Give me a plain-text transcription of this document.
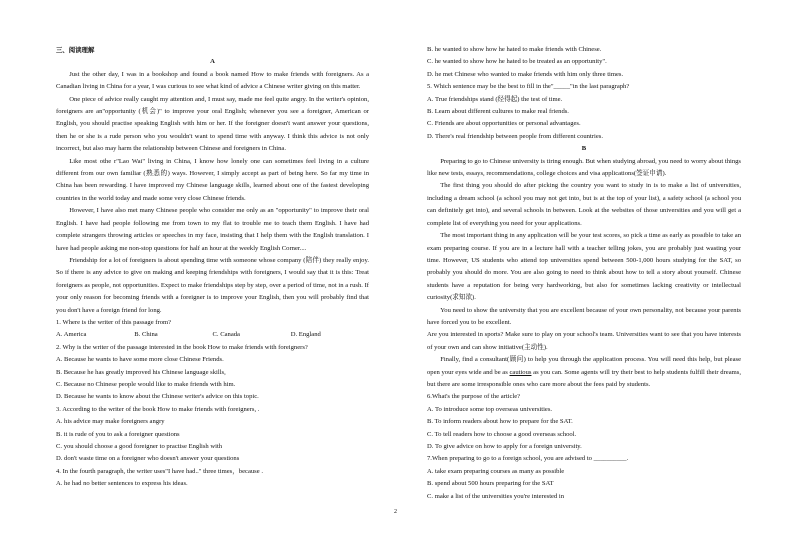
三、阅读理解

A

Just the other day, I was in a bookshop and found a book named How to make friends with foreigners. As a Canadian living in China for a year, I was curious to see what kind of advice a Chinese writer giving on this matter.

One piece of advice really caught my attention and, I must say, made me feel quite angry. In the writer's opinion, foreigners are an"opportunity (机会)" to improve your oral English; whenever you see a foreigner, American or English, you should practise speaking English with him or her. If the foreigner doesn't want answer your questions, then he or she is a rude person who you wouldn't want to spend time with anyway. I think this advice is not only incorrect, but also may harm the relationship between Chinese and foreigners in China.

Like most othe r"Lao Wai" living in China, I know how lonely one can sometimes feel living in a culture different from our own familiar (熟悉的) ways. However, I simply accept as part of being here. So far my time in China has been rewarding. I have improved my Chinese language skills, learned about one of the fastest developing countries in the world today and made some very close Chinese friends.

However, I have also met many Chinese people who consider me only as an "opportunity" to improve their oral English. I have had people following me from town to my flat to trouble me to teach them English. I have had complete strangers throwing articles or speeches in my face, insisting that I help them with the English translation. I have had people asking me non-stop questions for half an hour at the weekly English Corner....

Friendship for a lot of foreigners is about spending time with someone whose company (陪伴) they really enjoy. So if there is any advice to give on making and keeping friendships with foreigners, I would say that it is this: Treat foreigners as people, not opportunities. Expect to make friendships step by step, over a period of time, not in a rush. If your only reason for becoming friends with a foreigner is to improve your English, then you will probably find that you don't have a foreign friend for long.

1. Where is the writer of this passage from?

A. America	B. China	C. Canada	D. England

2. Why is the writer of the passage interested in the book How to make friends with foreigners?

A. Because he wants to have some more close Chinese Friends.

B. Because he has greatly improved his Chinese language skills,

C. Because no Chinese people would like to make friends with him.

D. Because he wants to know about the Chinese writer's advice on this topic.

3. According to the writer of the book How to make friends with foreigners, .

A. his advice may make foreigners angry

B. it is rude of you to ask a foreigner questions

C. you should choose a good foreigner to practise English with

D. don't waste time on a foreigner who doesn't answer your questions

4. In the fourth paragraph, the writer uses"I have had.." three times，because .

A. he had no better sentences to express his ideas.

B. he wanted to show how he hated to make friends with Chinese.

C. he wanted to show how he hated to be treated as an opportunity".

D. he met Chinese who wanted to make friends with him only three times.

5. Which sentence may be the best to fill in the"_____"in the last paragraph?

A. True friendships stand (经得起) the test of time.

B. Learn about different cultures to make real friends.

C. Friends are about opportunities or personal advantages.

D. There's real friendship between people from different countries.

B

Preparing to go to Chinese university is tiring enough. But when studying abroad, you need to worry about things like new tests, essays, recommendations, college choices and visa applications(签证申请).

The first thing you should do after picking the country you want to study in is to make a list of universities, including a dream school (a school you may not get into, but is at the top of your list), a safety school (a school you can definitely get into), and several schools in between. Look at the websites of those universities and you will get a complete list of everything you need for your applications.

The most important thing in any application will be your test scores, so pick a time as early as possible to take an exam preparing course. If you are in a lecture hall with a teacher telling jokes, you are probably just wasting your time. However, US students who attend top universities spend between 500-1,000 hours studying for the SAT, so probably you should do more. You are also going to need to think about how to tell a story about yourself. Chinese students have a reputation for being very hardworking, but also for sometimes lacking creativity or intellectual curiosity(求知欲).

You need to show the university that you are excellent because of your own personality, not because your parents have forced you to be excellent.

Are you interested in sports? Make sure to play on your school's team. Universities want to see that you have interests of your own and can show initiative(主动性).

Finally, find a consultant(顾问) to help you through the application process. You will need this help, but please open your eyes wide and be as cautious as you can. Some agents will try their best to help students fulfill their dreams, but there are some irresponsible ones who care more about the fees paid by students.

6.What's the purpose of the article?

A. To introduce some top overseas universities.

B. To inform readers about how to prepare for the SAT.

C. To tell readers how to choose a good overseas school.

D. To give advice on how to apply for a foreign university.

7.When preparing to go to a foreign school, you are advised to __________.

A. take exam preparing courses as many as possible

B. spend about 500 hours preparing for the SAT

C. make a list of the universities you're interested in

2
